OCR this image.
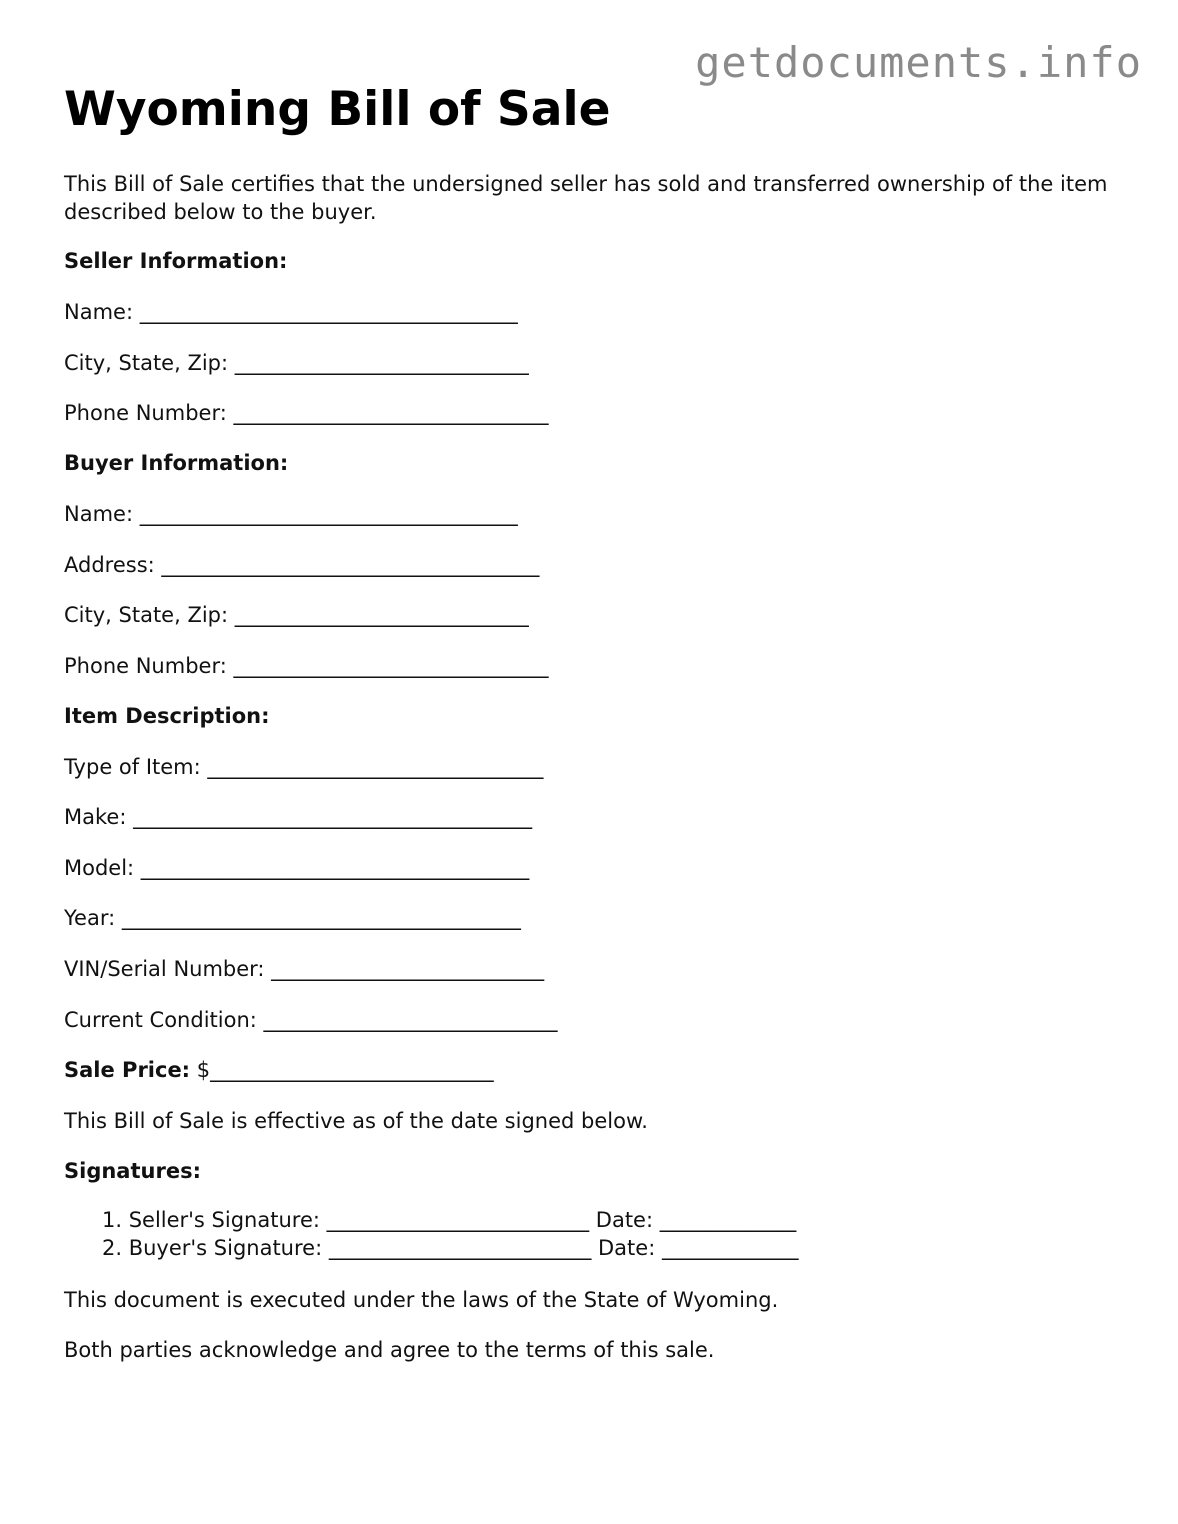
getdocuments.info
Wyoming Bill of Sale
This Bill of Sale certifies that the undersigned seller has sold and transferred ownership of the item described below to the buyer.
Seller Information:
Name: ____________________________________
City, State, Zip: ____________________________
Phone Number: ______________________________
Buyer Information:
Name: ____________________________________
Address: ____________________________________
City, State, Zip: ____________________________
Phone Number: ______________________________
Item Description:
Type of Item: ________________________________
Make: ______________________________________
Model: _____________________________________
Year: ______________________________________
VIN/Serial Number: __________________________
Current Condition: ____________________________
Sale Price: $___________________________
This Bill of Sale is effective as of the date signed below.
Signatures:
1. Seller's Signature: _________________________ Date: _____________
2. Buyer's Signature: _________________________ Date: _____________
This document is executed under the laws of the State of Wyoming.
Both parties acknowledge and agree to the terms of this sale.
